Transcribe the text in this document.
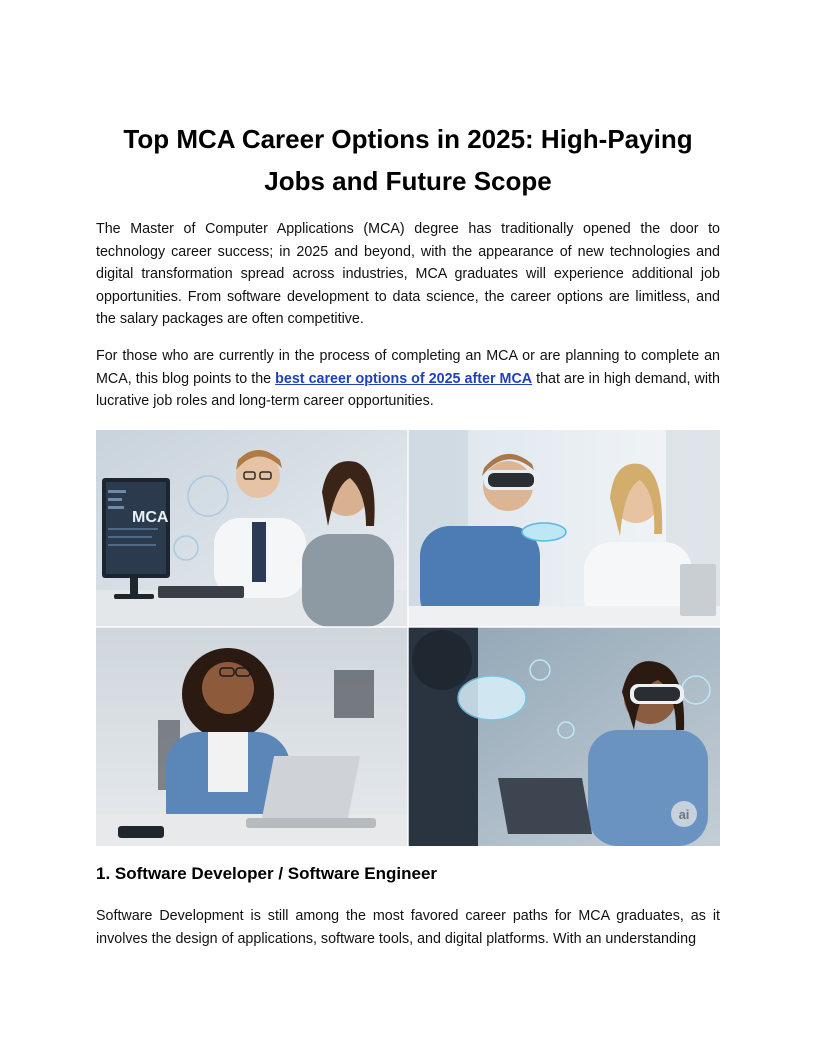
Top MCA Career Options in 2025: High-Paying Jobs and Future Scope

The Master of Computer Applications (MCA) degree has traditionally opened the door to technology career success; in 2025 and beyond, with the appearance of new technologies and digital transformation spread across industries, MCA graduates will experience additional job opportunities. From software development to data science, the career options are limitless, and the salary packages are often competitive.

For those who are currently in the process of completing an MCA or are planning to complete an MCA, this blog points to the best career options of 2025 after MCA that are in high demand, with lucrative job roles and long-term career opportunities.

MCA
ai
1. Software Developer / Software Engineer

Software Development is still among the most favored career paths for MCA graduates, as it involves the design of applications, software tools, and digital platforms. With an understanding
